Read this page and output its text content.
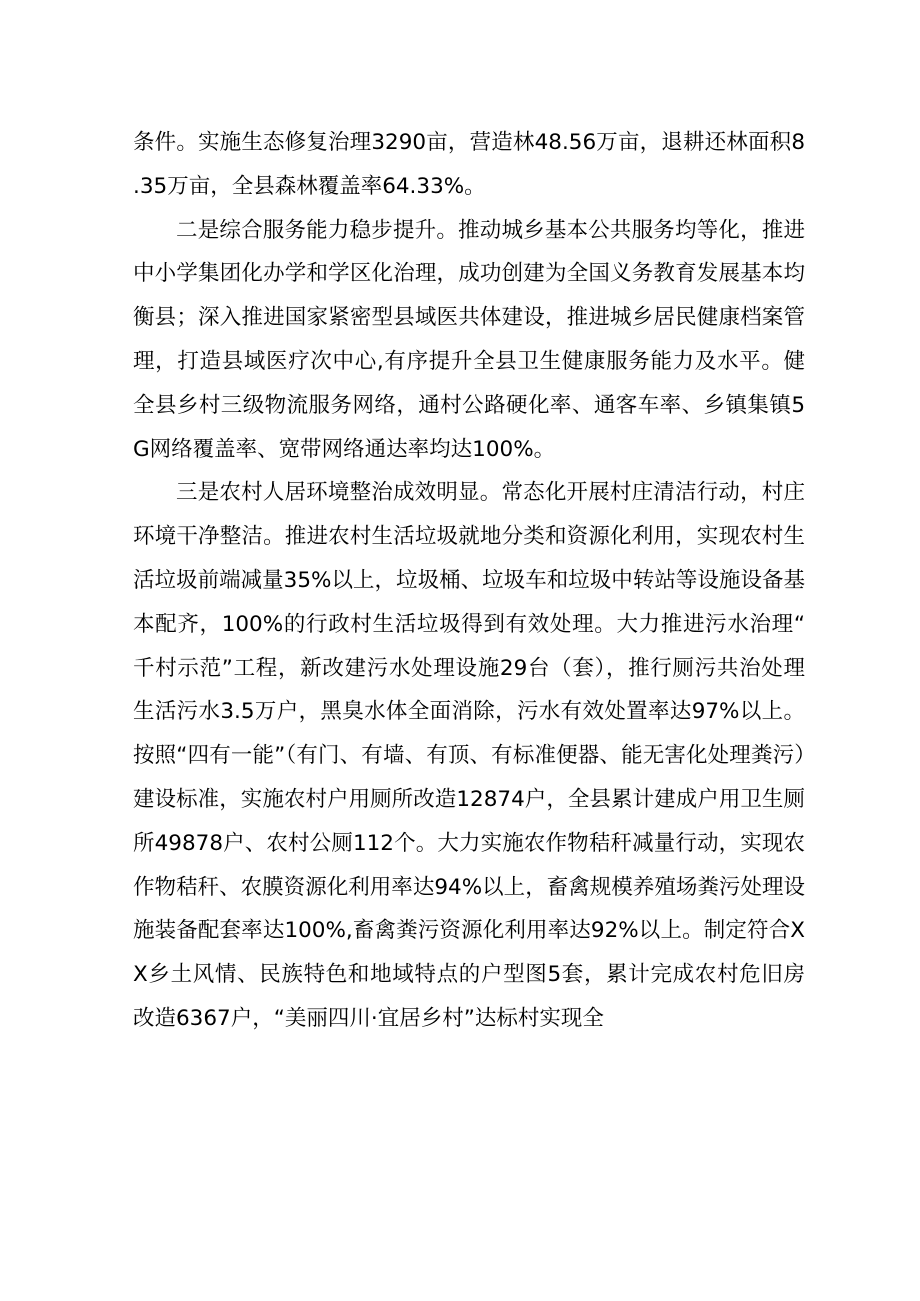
条件。实施生态修复治理3290亩，营造林48.56万亩，退耕还林面积8.35万亩，全县森林覆盖率64.33%。

二是综合服务能力稳步提升。推动城乡基本公共服务均等化，推进中小学集团化办学和学区化治理，成功创建为全国义务教育发展基本均衡县；深入推进国家紧密型县域医共体建设，推进城乡居民健康档案管理，打造县域医疗次中心,有序提升全县卫生健康服务能力及水平。健全县乡村三级物流服务网络，通村公路硬化率、通客车率、乡镇集镇5G网络覆盖率、宽带网络通达率均达100%。

三是农村人居环境整治成效明显。常态化开展村庄清洁行动，村庄环境干净整洁。推进农村生活垃圾就地分类和资源化利用，实现农村生活垃圾前端减量35%以上，垃圾桶、垃圾车和垃圾中转站等设施设备基本配齐，100%的行政村生活垃圾得到有效处理。大力推进污水治理“千村示范”工程，新改建污水处理设施29台（套），推行厕污共治处理生活污水3.5万户，黑臭水体全面消除，污水有效处置率达97%以上。按照“四有一能”（有门、有墙、有顶、有标准便器、能无害化处理粪污）建设标准，实施农村户用厕所改造12874户，全县累计建成户用卫生厕所49878户、农村公厕112个。大力实施农作物秸秆减量行动，实现农作物秸秆、农膜资源化利用率达94%以上，畜禽规模养殖场粪污处理设施装备配套率达100%,畜禽粪污资源化利用率达92%以上。制定符合XX乡土风情、民族特色和地域特点的户型图5套，累计完成农村危旧房改造6367户，“美丽四川·宜居乡村”达标村实现全
